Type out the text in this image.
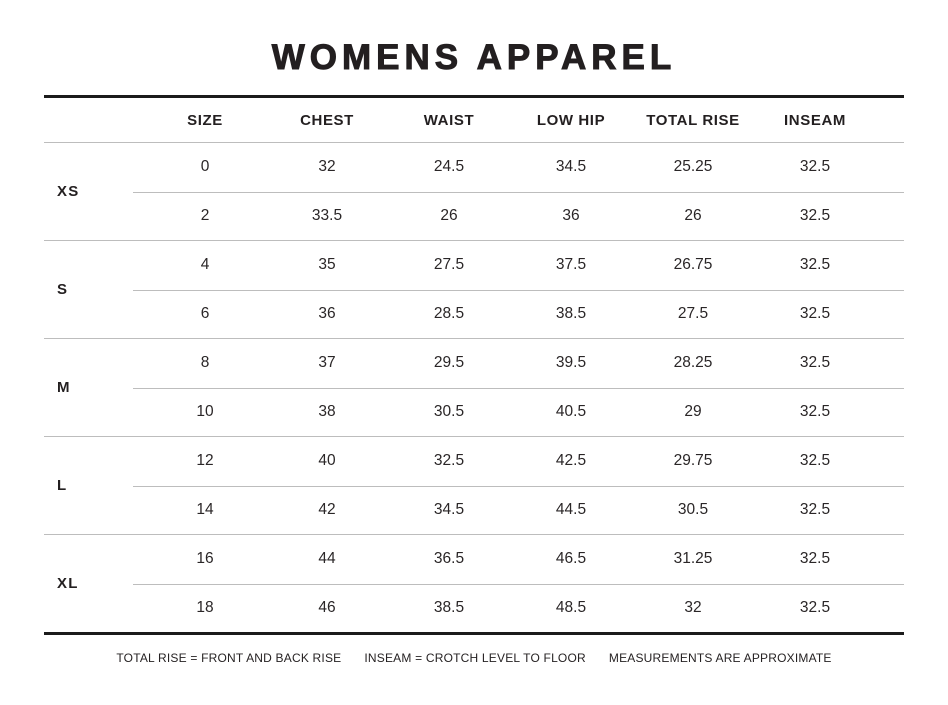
WOMENS APPAREL
SIZE	CHEST	WAIST	LOW HIP	TOTAL RISE	INSEAM
XS
0	32	24.5	34.5	25.25	32.5
2	33.5	26	36	26	32.5
S
4	35	27.5	37.5	26.75	32.5
6	36	28.5	38.5	27.5	32.5
M
8	37	29.5	39.5	28.25	32.5
10	38	30.5	40.5	29	32.5
L
12	40	32.5	42.5	29.75	32.5
14	42	34.5	44.5	30.5	32.5
XL
16	44	36.5	46.5	31.25	32.5
18	46	38.5	48.5	32	32.5
TOTAL RISE = FRONT AND BACK RISE INSEAM = CROTCH LEVEL TO FLOOR MEASUREMENTS ARE APPROXIMATE
